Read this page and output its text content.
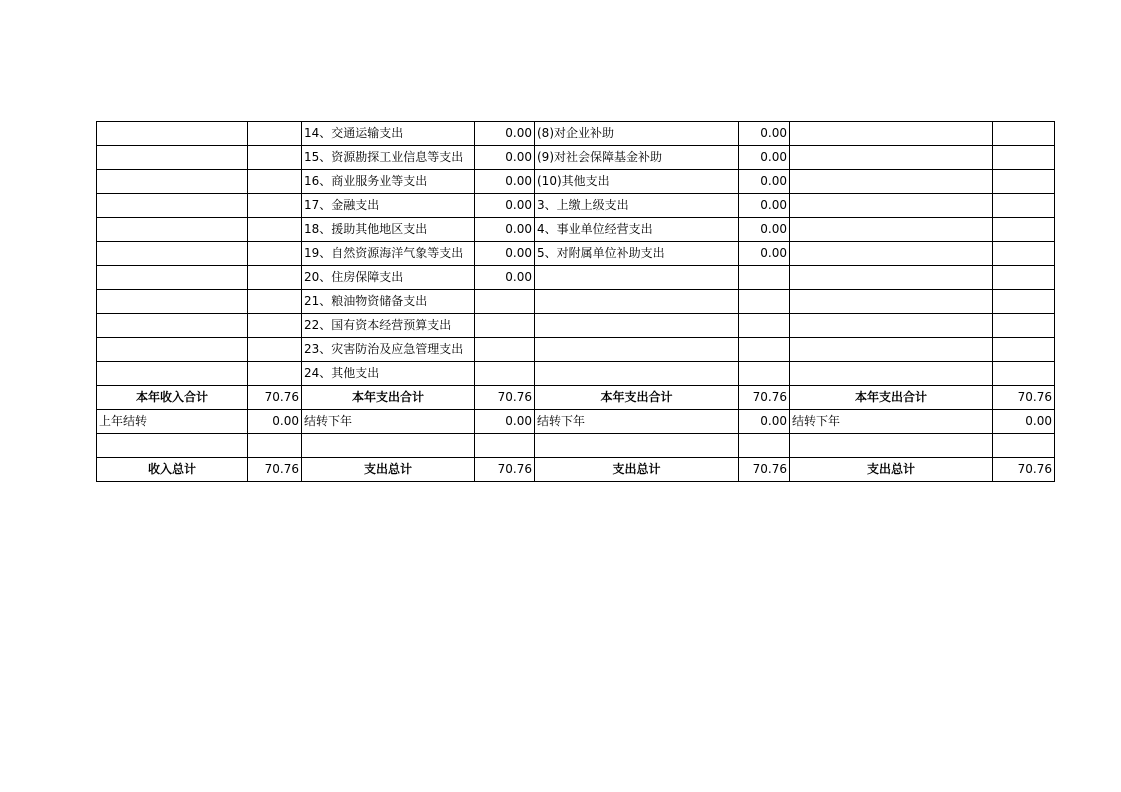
		14、交通运输支出	0.00	(8)对企业补助	0.00		
		15、资源勘探工业信息等支出	0.00	(9)对社会保障基金补助	0.00		
		16、商业服务业等支出	0.00	(10)其他支出	0.00		
		17、金融支出	0.00	3、上缴上级支出	0.00		
		18、援助其他地区支出	0.00	4、事业单位经营支出	0.00		
		19、自然资源海洋气象等支出	0.00	5、对附属单位补助支出	0.00		
		20、住房保障支出	0.00				
		21、粮油物资储备支出					
		22、国有资本经营预算支出					
		23、灾害防治及应急管理支出					
		24、其他支出					
本年收入合计	70.76	本年支出合计	70.76	本年支出合计	70.76	本年支出合计	70.76
上年结转	0.00	结转下年	0.00	结转下年	0.00	结转下年	0.00

收入总计	70.76	支出总计	70.76	支出总计	70.76	支出总计	70.76
